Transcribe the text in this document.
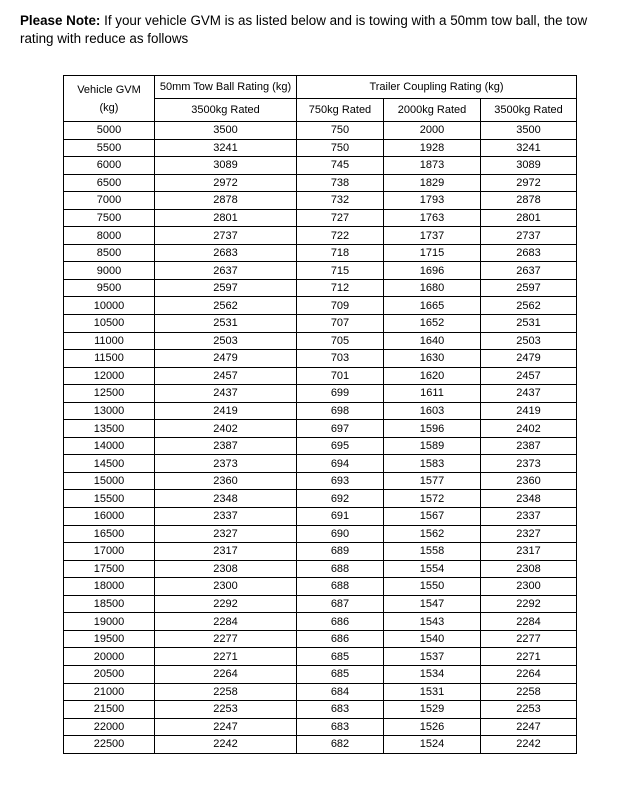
Please Note: If your vehicle GVM is as listed below and is towing with a 50mm tow ball, the tow rating with reduce as follows
Vehicle GVM
(kg)	50mm Tow Ball Rating (kg)	Trailer Coupling Rating (kg)		
	3500kg Rated	750kg Rated	2000kg Rated	3500kg Rated
5000	3500	750	2000	3500
5500	3241	750	1928	3241
6000	3089	745	1873	3089
6500	2972	738	1829	2972
7000	2878	732	1793	2878
7500	2801	727	1763	2801
8000	2737	722	1737	2737
8500	2683	718	1715	2683
9000	2637	715	1696	2637
9500	2597	712	1680	2597
10000	2562	709	1665	2562
10500	2531	707	1652	2531
11000	2503	705	1640	2503
11500	2479	703	1630	2479
12000	2457	701	1620	2457
12500	2437	699	1611	2437
13000	2419	698	1603	2419
13500	2402	697	1596	2402
14000	2387	695	1589	2387
14500	2373	694	1583	2373
15000	2360	693	1577	2360
15500	2348	692	1572	2348
16000	2337	691	1567	2337
16500	2327	690	1562	2327
17000	2317	689	1558	2317
17500	2308	688	1554	2308
18000	2300	688	1550	2300
18500	2292	687	1547	2292
19000	2284	686	1543	2284
19500	2277	686	1540	2277
20000	2271	685	1537	2271
20500	2264	685	1534	2264
21000	2258	684	1531	2258
21500	2253	683	1529	2253
22000	2247	683	1526	2247
22500	2242	682	1524	2242
